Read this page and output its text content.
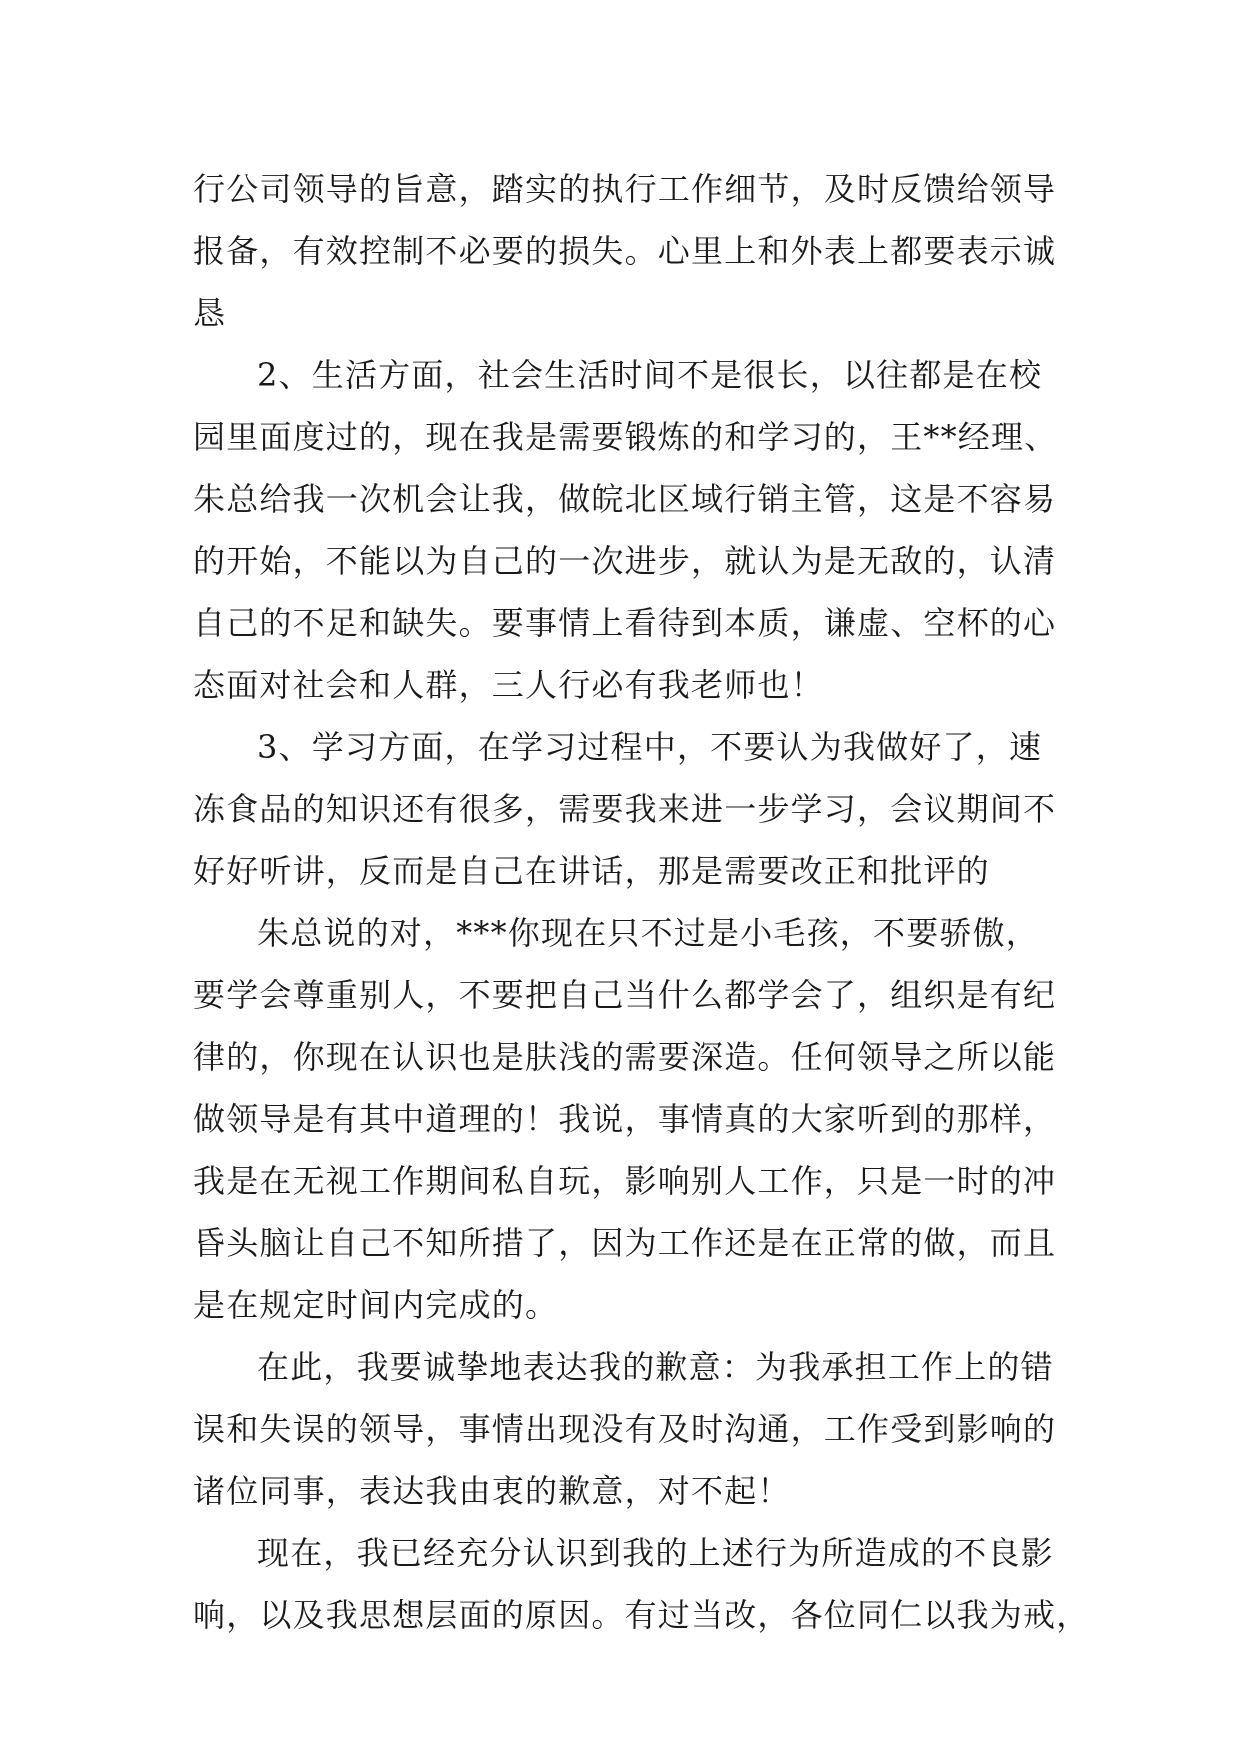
行公司领导的旨意，踏实的执行工作细节，及时反馈给领导
报备，有效控制不必要的损失。心里上和外表上都要表示诚
恳

2、生活方面，社会生活时间不是很长，以往都是在校
园里面度过的，现在我是需要锻炼的和学习的，王**经理、
朱总给我一次机会让我，做皖北区域行销主管，这是不容易
的开始，不能以为自己的一次进步，就认为是无敌的，认清
自己的不足和缺失。要事情上看待到本质，谦虚、空杯的心
态面对社会和人群，三人行必有我老师也！

3、学习方面，在学习过程中，不要认为我做好了，速
冻食品的知识还有很多，需要我来进一步学习，会议期间不
好好听讲，反而是自己在讲话，那是需要改正和批评的

朱总说的对，***你现在只不过是小毛孩，不要骄傲，
要学会尊重别人，不要把自己当什么都学会了，组织是有纪
律的，你现在认识也是肤浅的需要深造。任何领导之所以能
做领导是有其中道理的！我说，事情真的大家听到的那样，
我是在无视工作期间私自玩，影响别人工作，只是一时的冲
昏头脑让自己不知所措了，因为工作还是在正常的做，而且
是在规定时间内完成的。

在此，我要诚挚地表达我的歉意：为我承担工作上的错
误和失误的领导，事情出现没有及时沟通，工作受到影响的
诸位同事，表达我由衷的歉意，对不起！

现在，我已经充分认识到我的上述行为所造成的不良影
响，以及我思想层面的原因。有过当改，各位同仁以我为戒，
